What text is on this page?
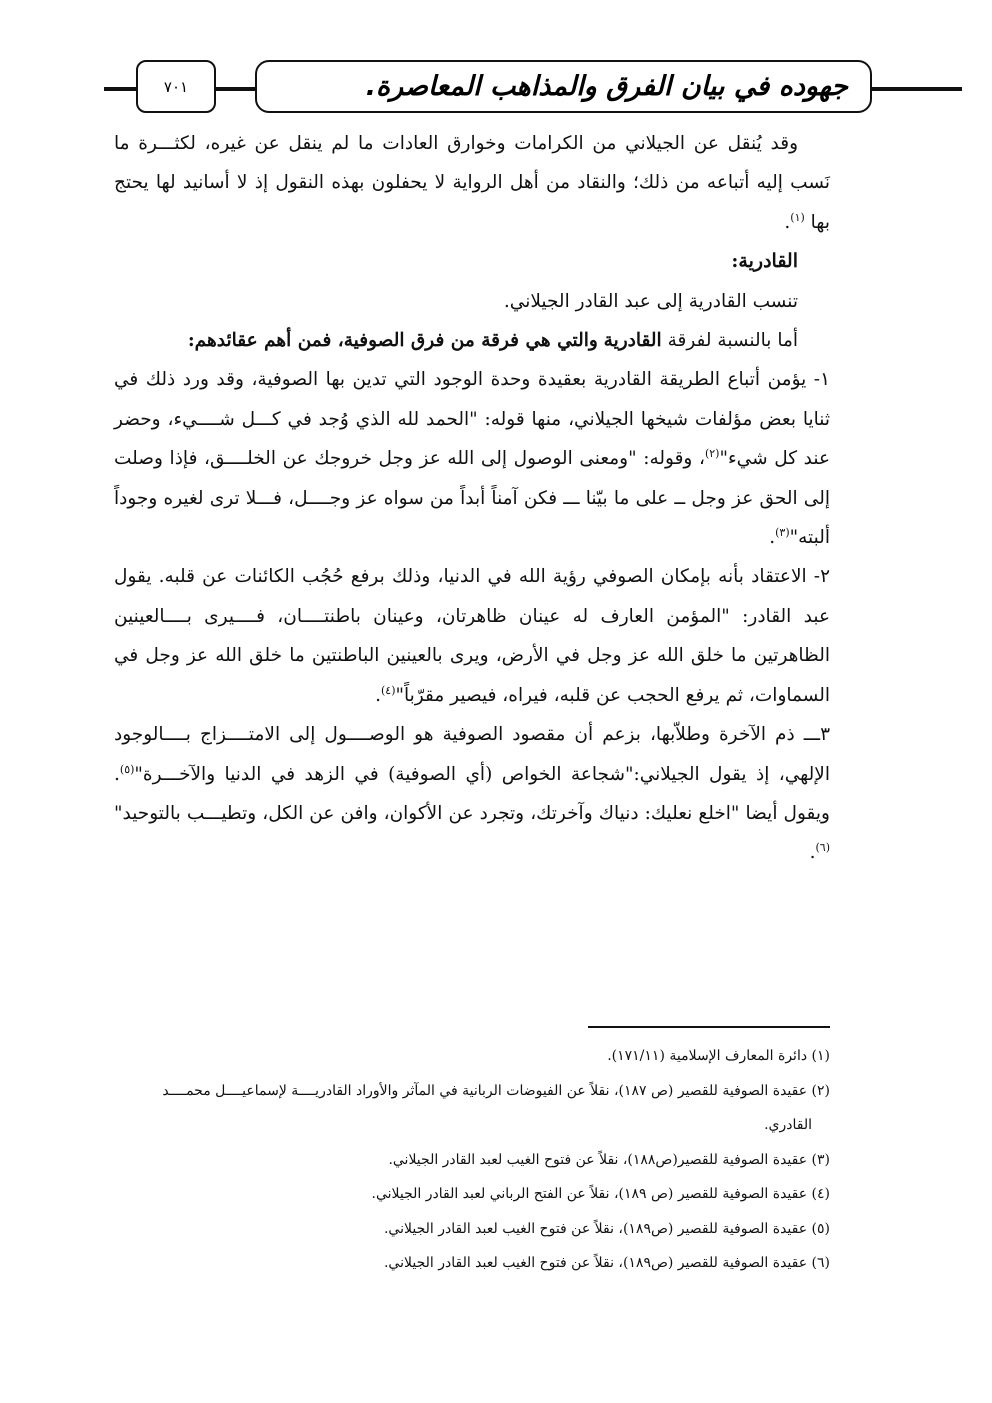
جهوده في بيان الفرق والمذاهب المعاصرة.
٧٠١

وقد يُنقل عن الجيلاني من الكرامات وخوارق العادات ما لم ينقل عن غيره، لكثـــرة ما نَسب إليه أتباعه من ذلك؛ والنقاد من أهل الرواية لا يحفلون بهذه النقول إذ لا أسانيد لها يحتج بها $^{(١)}$.

القادرية:

تنسب القادرية إلى عبد القادر الجيلاني.

أما بالنسبة لفرقة القادرية والتي هي فرقة من فرق الصوفية، فمن أهم عقائدهم:

١- يؤمن أتباع الطريقة القادرية بعقيدة وحدة الوجود التي تدين بها الصوفية، وقد ورد ذلك في ثنايا بعض مؤلفات شيخها الجيلاني، منها قوله: "الحمد لله الذي وُجد في كـــل شــــيء، وحضر عند كل شيء"$^{(٢)}$، وقوله: "ومعنى الوصول إلى الله عز وجل خروجك عن الخلــــق، فإذا وصلت إلى الحق عز وجل ــ على ما بيّنا ـــ فكن آمناً أبداً من سواه عز وجــــل، فـــلا ترى لغيره وجوداً ألبته"$^{(٣)}$.

٢- الاعتقاد بأنه بإمكان الصوفي رؤية الله في الدنيا، وذلك برفع حُجُب الكائنات عن قلبه. يقول عبد القادر: "المؤمن العارف له عينان ظاهرتان، وعينان باطنتــــان، فــــيرى بــــالعينين الظاهرتين ما خلق الله عز وجل في الأرض، ويرى بالعينين الباطنتين ما خلق الله عز وجل في السماوات، ثم يرفع الحجب عن قلبه، فيراه، فيصير مقرّباً"$^{(٤)}$.

٣ـــ ذم الآخرة وطلاّبها، بزعم أن مقصود الصوفية هو الوصــــول إلى الامتــــزاج بــــالوجود الإلهي، إذ يقول الجيلاني:"شجاعة الخواص (أي الصوفية) في الزهد في الدنيا والآخـــرة"$^{(٥)}$. ويقول أيضا "اخلع نعليك: دنياك وآخرتك، وتجرد عن الأكوان، وافن عن الكل، وتطيـــب بالتوحيد"$^{(٦)}$.

(١) دائرة المعارف الإسلامية (١٧١/١١).

(٢) عقيدة الصوفية للقصير (ص ١٨٧)، نقلاً عن الفيوضات الربانية في المآثر والأوراد القادريــــة لإسماعيــــل محمــــد

القادري.

(٣) عقيدة الصوفية للقصير(ص١٨٨)، نقلاً عن فتوح الغيب لعبد القادر الجيلاني.

(٤) عقيدة الصوفية للقصير (ص ١٨٩)، نقلاً عن الفتح الرباني لعبد القادر الجيلاني.

(٥) عقيدة الصوفية للقصير (ص١٨٩)، نقلاً عن فتوح الغيب لعبد القادر الجيلاني.

(٦) عقيدة الصوفية للقصير (ص١٨٩)، نقلاً عن فتوح الغيب لعبد القادر الجيلاني.
